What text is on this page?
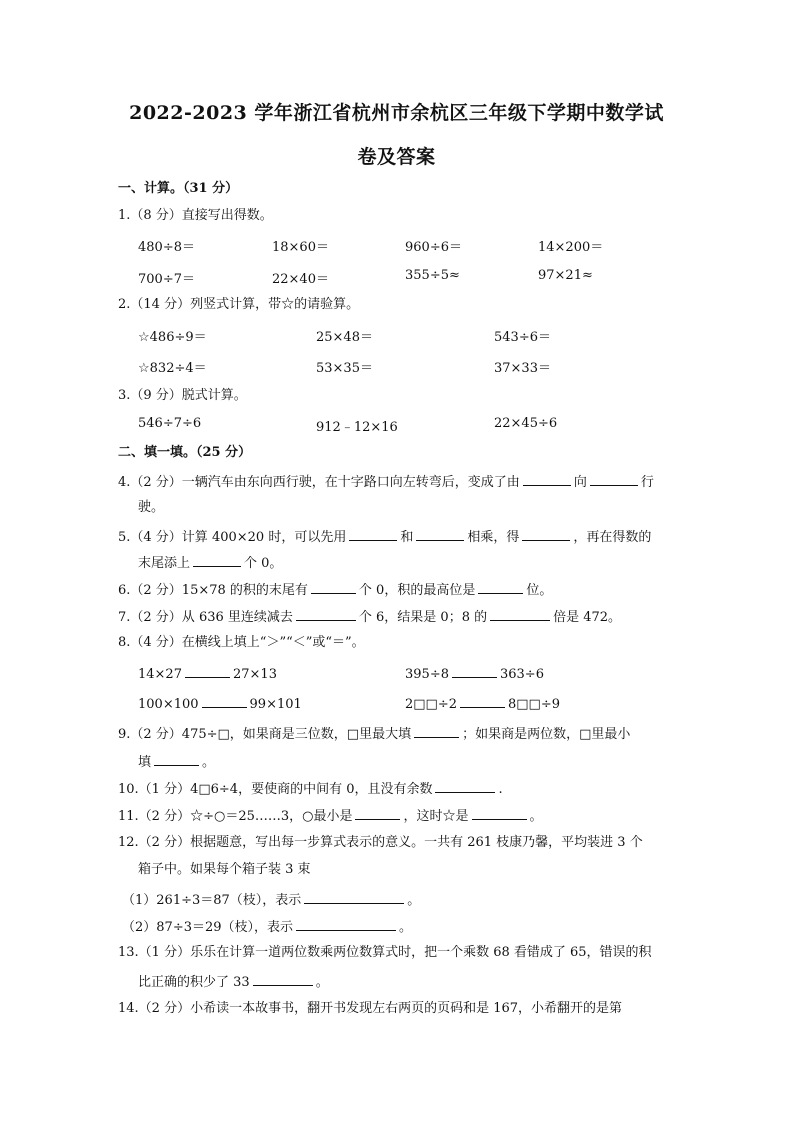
2022-2023 学年浙江省杭州市余杭区三年级下学期中数学试
卷及答案
一、计算。（31 分）
1.（8 分）直接写出得数。
480÷8＝	18×60＝	960÷6＝	14×200＝
700÷7＝	22×40＝	355÷5≈	97×21≈
2.（14 分）列竖式计算，带☆的请验算。
☆486÷9＝	25×48＝	543÷6＝
☆832÷4＝	53×35＝	37×33＝
3.（9 分）脱式计算。
546÷7÷6	912﹣12×16	22×45÷6
二、填一填。（25 分）
4.（2 分）一辆汽车由东向西行驶，在十字路口向左转弯后，变成了由	向	行
驶。
5.（4 分）计算 400×20 时，可以先用	和	相乘，得	，再在得数的
末尾添上	个 0。
6.（2 分）15×78 的积的末尾有	个 0，积的最高位是	位。
7.（2 分）从 636 里连续减去	个 6，结果是 0；8 的	倍是 472。
8.（4 分）在横线上填上“＞”“＜”或“＝”。
14×27	27×13	395÷8	363÷6
100×100	99×101	2□□÷2	8□□÷9
9.（2 分）475÷□，如果商是三位数，□里最大填	；如果商是两位数，□里最小
填	。
10.（1 分）4□6÷4，要使商的中间有 0，且没有余数	.
11.（2 分）☆÷○＝25……3，○最小是	，这时☆是	。
12.（2 分）根据题意，写出每一步算式表示的意义。一共有 261 枝康乃馨，平均装进 3 个
箱子中。如果每个箱子装 3 束
（1）261÷3＝87（枝），表示	。
（2）87÷3＝29（枝），表示	。
13.（1 分）乐乐在计算一道两位数乘两位数算式时，把一个乘数 68 看错成了 65，错误的积
比正确的积少了 33	。
14.（2 分）小希读一本故事书，翻开书发现左右两页的页码和是 167，小希翻开的是第
